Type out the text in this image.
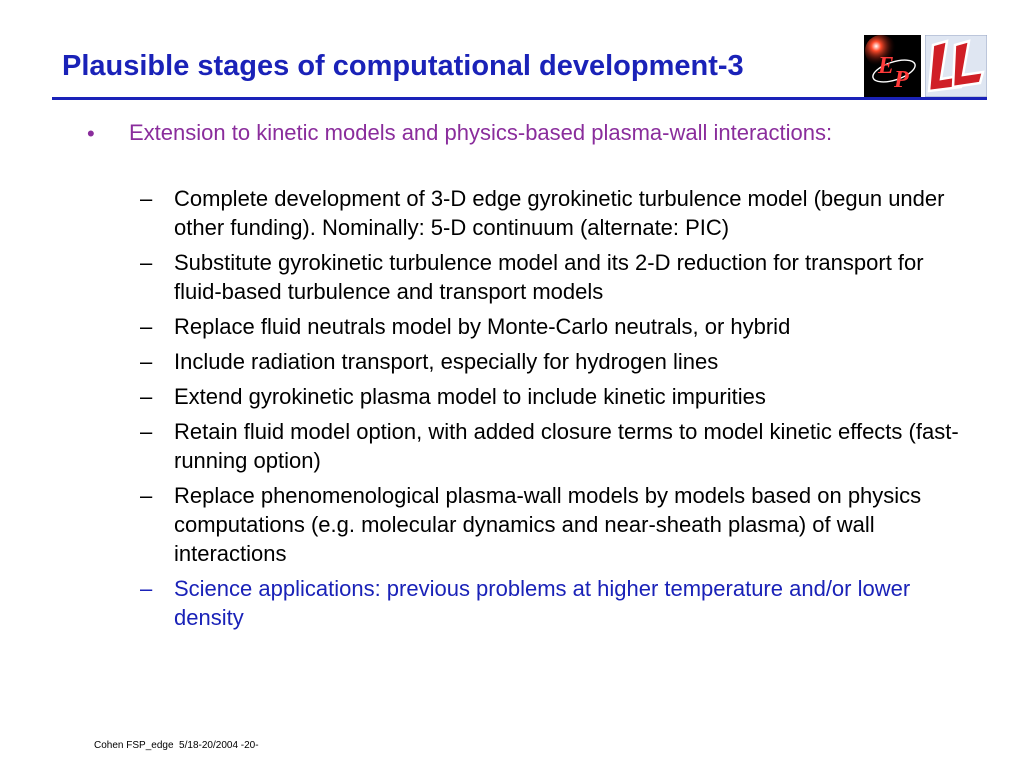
Plausible stages of computational development-3	E
P
• Extension to kinetic models and physics-based plasma-wall interactions:
– Complete development of 3-D edge gyrokinetic turbulence model (begun under other funding). Nominally: 5-D continuum (alternate: PIC)
– Substitute gyrokinetic turbulence model and its 2-D reduction for transport for fluid-based turbulence and transport models
– Replace fluid neutrals model by Monte-Carlo neutrals, or hybrid
– Include radiation transport, especially for hydrogen lines
– Extend gyrokinetic plasma model to include kinetic impurities
– Retain fluid model option, with added closure terms to model kinetic effects (fast-running option)
– Replace phenomenological plasma-wall models by models based on physics computations (e.g. molecular dynamics and near-sheath plasma) of wall interactions
– Science applications: previous problems at higher temperature and/or lower density
Cohen FSP_edge  5/18-20/2004 -20-
